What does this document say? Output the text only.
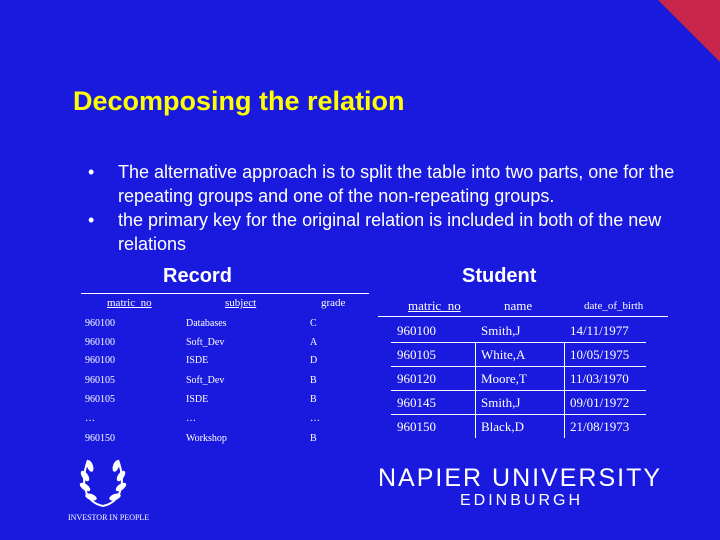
Decomposing the relation
• The alternative approach is to split the table into two parts, one for the repeating groups and one of the non-repeating groups.
• the primary key for the original relation is included in both of the new relations
Record	Student
matric_no	subject	grade
960100	Databases	C
960100	Soft_Dev	A
960100	ISDE	D
960105	Soft_Dev	B
960105	ISDE	B
…	…	…
960150	Workshop	B
matric_no	name	date_of_birth
960100	Smith,J	14/11/1977
960105	White,A	10/05/1975
960120	Moore,T	11/03/1970
960145	Smith,J	09/01/1972
960150	Black,D	21/08/1973
INVESTOR IN PEOPLE
NAPIER UNIVERSITY
EDINBURGH
